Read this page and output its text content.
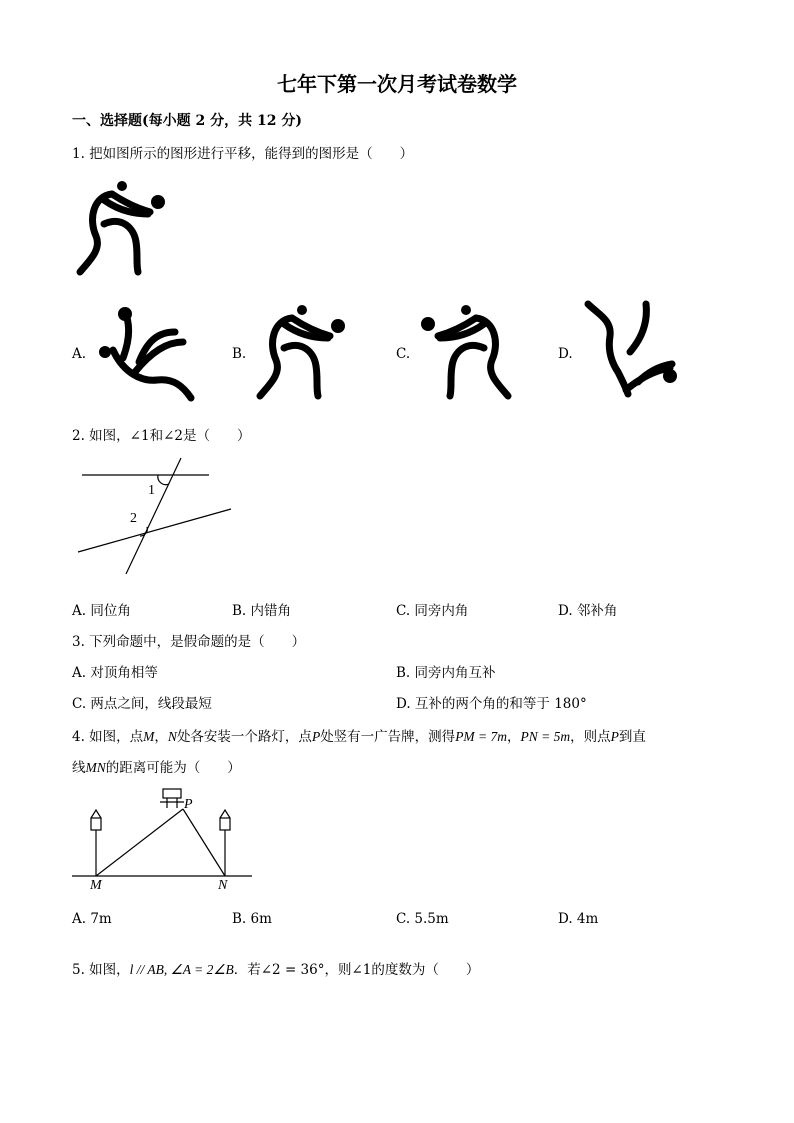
七年下第一次月考试卷数学
一、选择题(每小题 2 分，共 12 分)
1. 把如图所示的图形进行平移，能得到的图形是（　　）
A.	B.	C.	D.
2. 如图，∠1和∠2是（　　）
1
2
A. 同位角	B. 内错角	C. 同旁内角	D. 邻补角
3. 下列命题中，是假命题的是（　　）
A. 对顶角相等	B. 同旁内角互补
C. 两点之间，线段最短	D. 互补的两个角的和等于 180°
4. 如图，点M，N处各安装一个路灯，点P处竖有一广告牌，测得PM = 7m，PN = 5m，则点P到直
线MN的距离可能为（　　）
P
M	N
A. 7m	B. 6m	C. 5.5m	D. 4m
5. 如图，l // AB, ∠A = 2∠B．若∠2 = 36°，则∠1的度数为（　　）
